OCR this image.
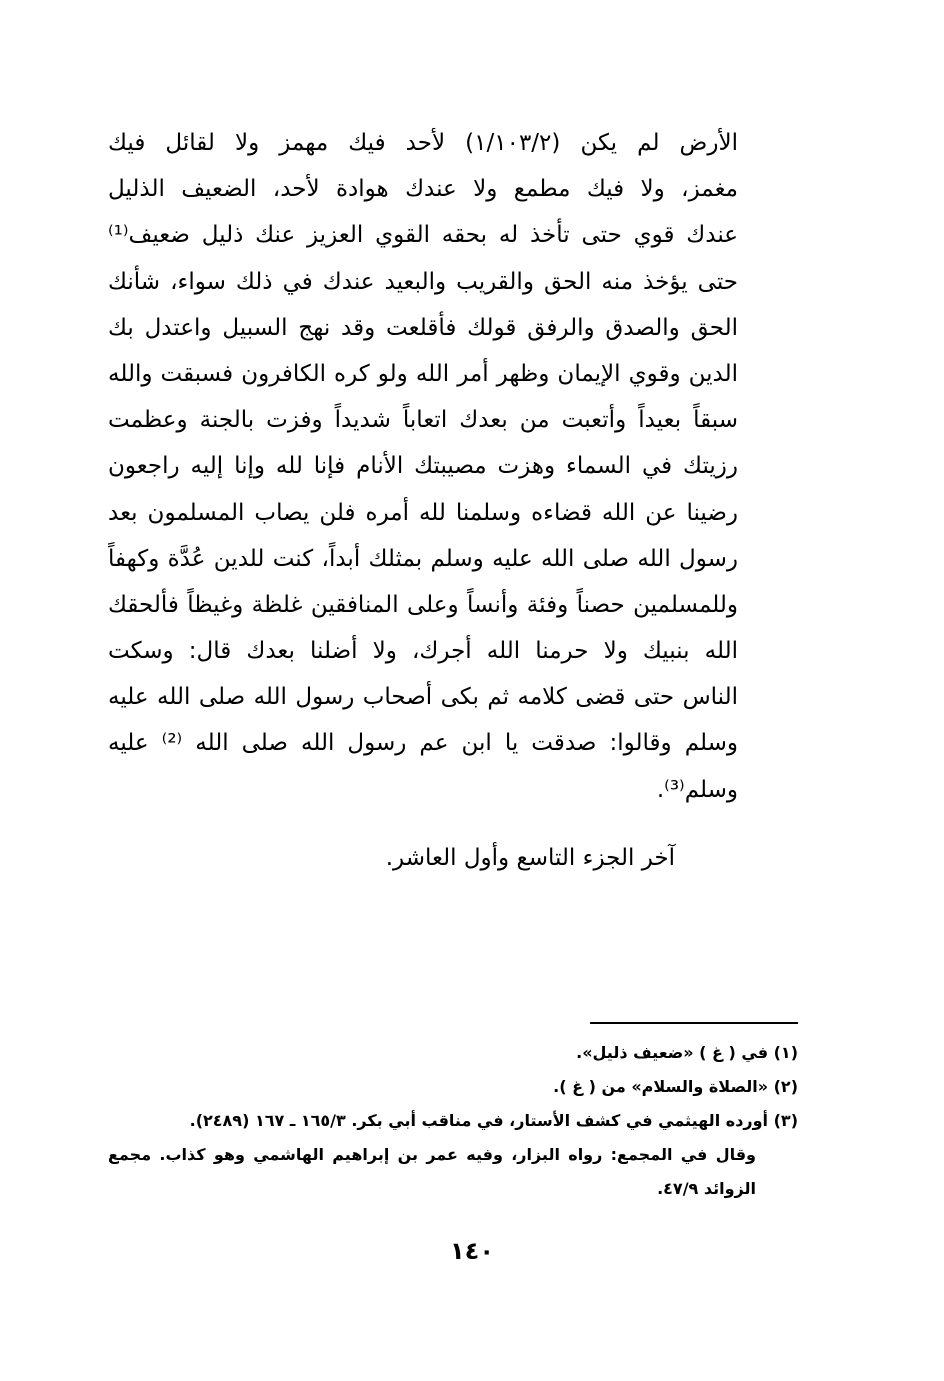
الأرض لم يكن (١/١٠٣/٢) لأحد فيك مهمز ولا لقائل فيك
مغمز، ولا فيك مطمع ولا عندك هوادة لأحد، الضعيف الذليل
عندك قوي حتى تأخذ له بحقه القوي العزيز عنك ذليل ضعيف⁽¹⁾
حتى يؤخذ منه الحق والقريب والبعيد عندك في ذلك سواء، شأنك
الحق والصدق والرفق قولك فأقلعت وقد نهج السبيل واعتدل بك
الدين وقوي الإيمان وظهر أمر الله ولو كره الكافرون فسبقت والله
سبقاً بعيداً وأتعبت من بعدك اتعاباً شديداً وفزت بالجنة وعظمت
رزيتك في السماء وهزت مصيبتك الأنام فإنا لله وإنا إليه راجعون
رضينا عن الله قضاءه وسلمنا لله أمره فلن يصاب المسلمون بعد
رسول الله صلى الله عليه وسلم بمثلك أبداً، كنت للدين عُدَّة وكهفاً
وللمسلمين حصناً وفئة وأنساً وعلى المنافقين غلظة وغيظاً فألحقك
الله بنبيك ولا حرمنا الله أجرك، ولا أضلنا بعدك قال: وسكت
الناس حتى قضى كلامه ثم بكى أصحاب رسول الله صلى الله عليه
وسلم وقالوا: صدقت يا ابن عم رسول الله صلى الله ⁽²⁾ عليه
وسلم⁽³⁾.
آخر الجزء التاسع وأول العاشر.
(١) في ( غ ) «ضعيف ذليل».
(٢) «الصلاة والسلام» من ( غ ).
(٣) أورده الهيثمي في كشف الأستار، في مناقب أبي بكر. ١٦٥/٣ ـ ١٦٧ (٢٤٨٩).
وقال في المجمع: رواه البزار، وفيه عمر بن إبراهيم الهاشمي وهو كذاب. مجمع
الزوائد ٤٧/٩.
١٤٠
